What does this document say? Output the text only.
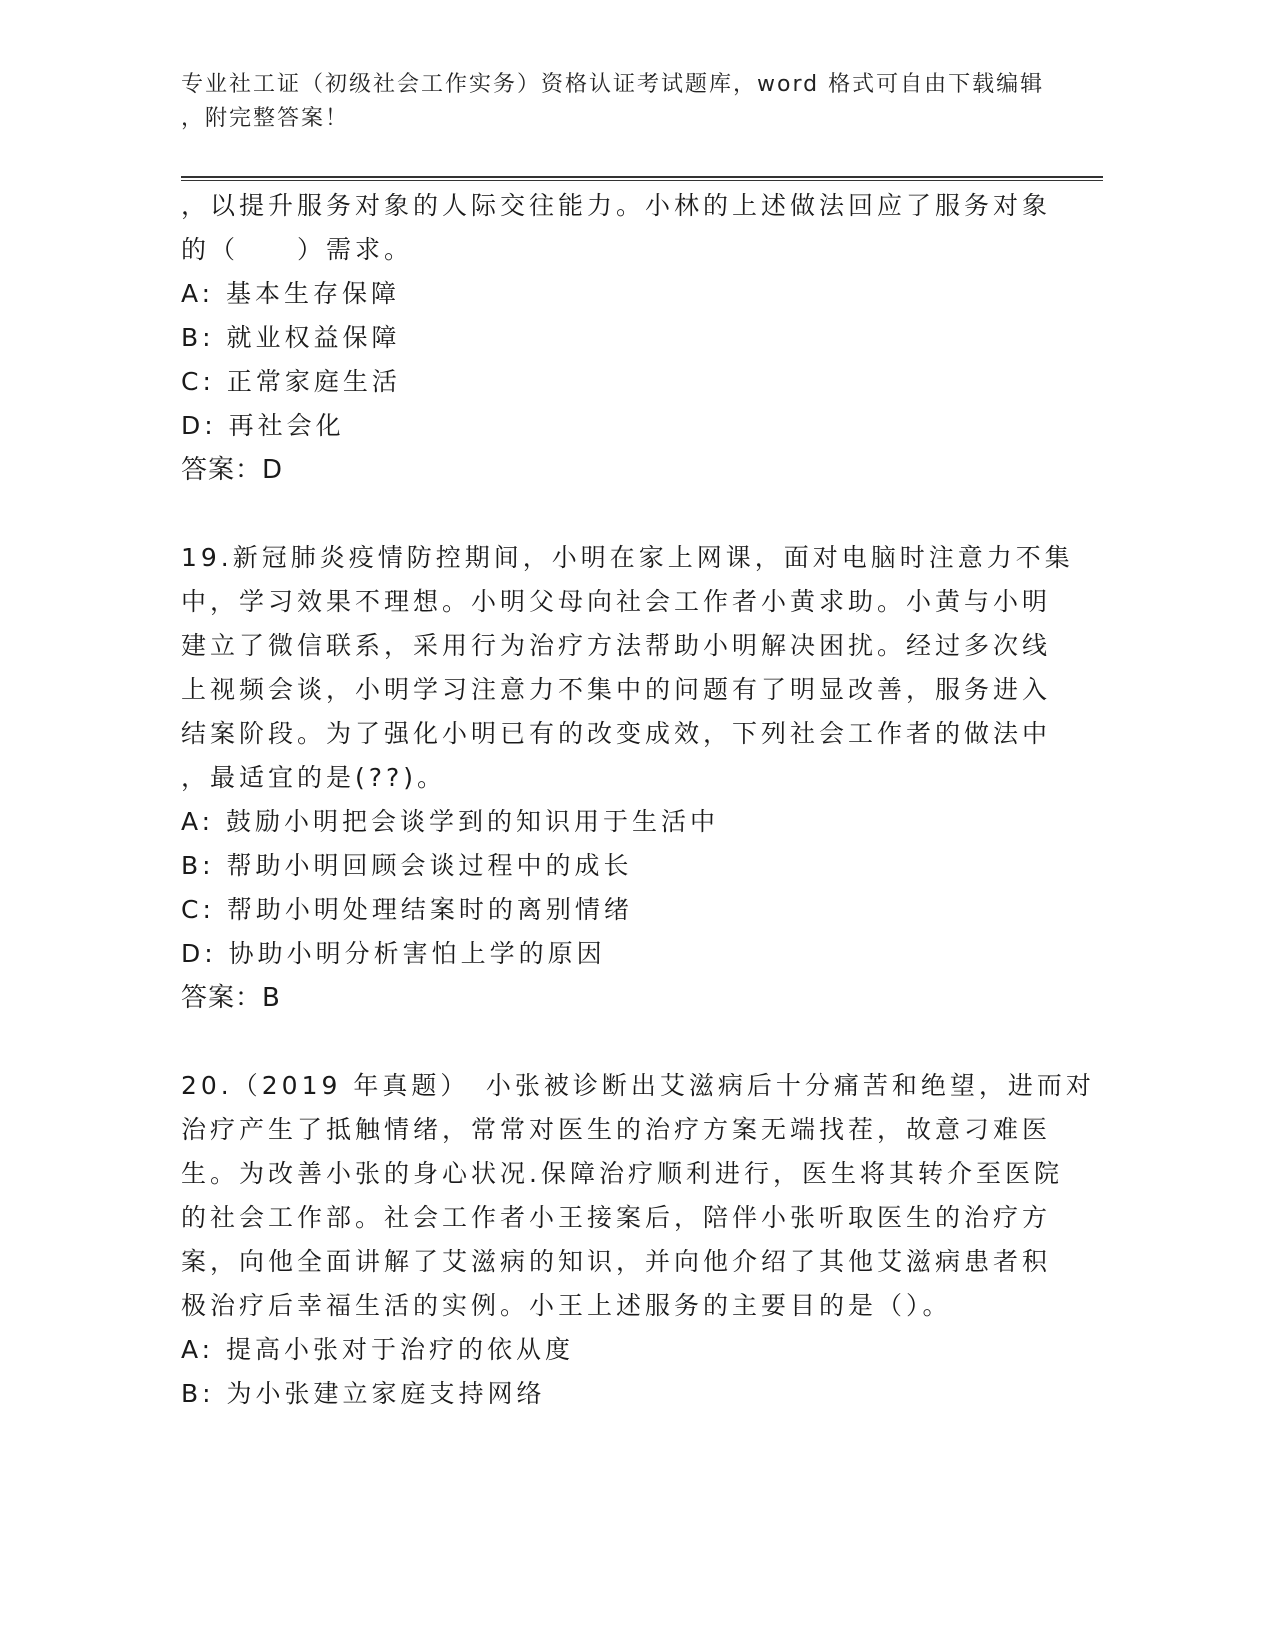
专业社工证（初级社会工作实务）资格认证考试题库，word 格式可自由下载编辑
，附完整答案！
，以提升服务对象的人际交往能力。小林的上述做法回应了服务对象
的（　　）需求。
A: 基本生存保障
B: 就业权益保障
C: 正常家庭生活
D: 再社会化
答案：D
19.新冠肺炎疫情防控期间，小明在家上网课，面对电脑时注意力不集
中，学习效果不理想。小明父母向社会工作者小黄求助。小黄与小明
建立了微信联系，采用行为治疗方法帮助小明解决困扰。经过多次线
上视频会谈，小明学习注意力不集中的问题有了明显改善，服务进入
结案阶段。为了强化小明已有的改变成效，下列社会工作者的做法中
，最适宜的是(??)。
A: 鼓励小明把会谈学到的知识用于生活中
B: 帮助小明回顾会谈过程中的成长
C: 帮助小明处理结案时的离别情绪
D: 协助小明分析害怕上学的原因
答案：B
20.（2019 年真题）　小张被诊断出艾滋病后十分痛苦和绝望，进而对
治疗产生了抵触情绪，常常对医生的治疗方案无端找茬，故意刁难医
生。为改善小张的身心状况.保障治疗顺利进行，医生将其转介至医院
的社会工作部。社会工作者小王接案后，陪伴小张听取医生的治疗方
案，向他全面讲解了艾滋病的知识，并向他介绍了其他艾滋病患者积
极治疗后幸福生活的实例。小王上述服务的主要目的是（）。
A: 提高小张对于治疗的依从度
B: 为小张建立家庭支持网络
